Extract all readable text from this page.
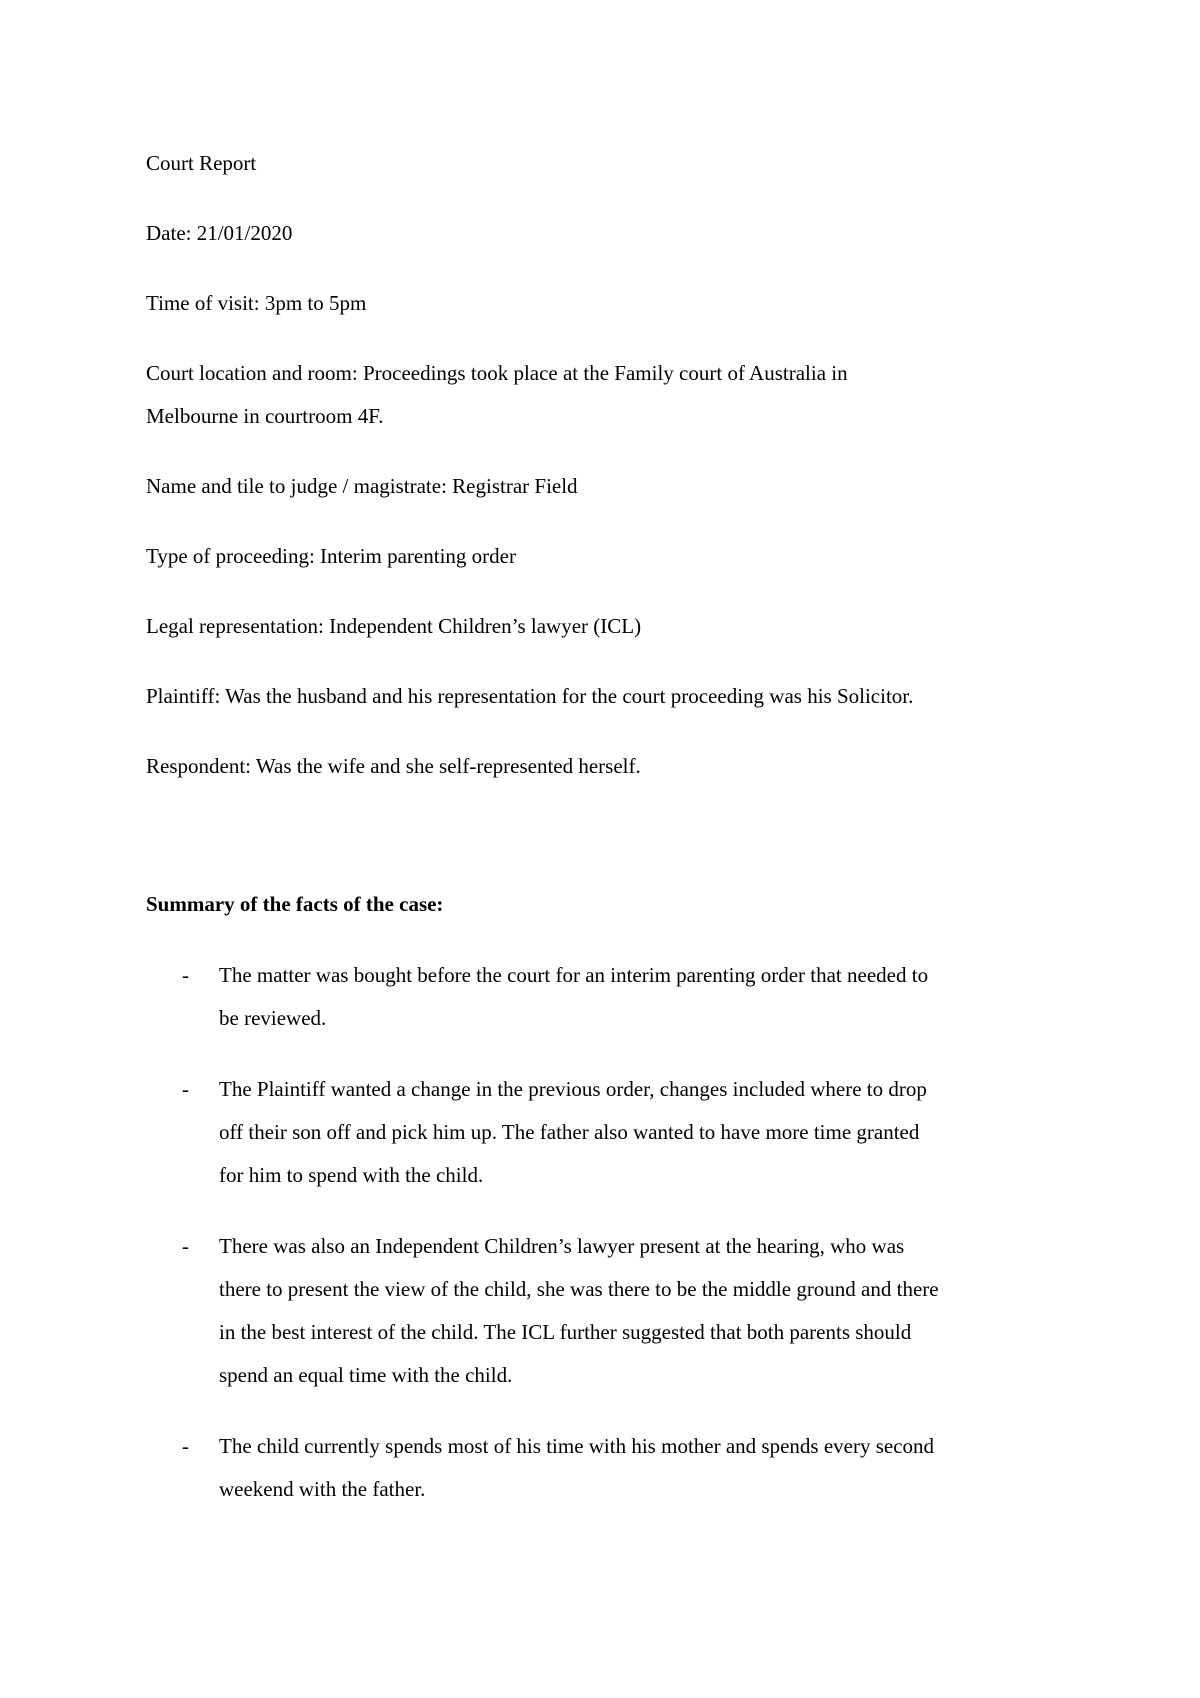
Court Report

Date: 21/01/2020

Time of visit: 3pm to 5pm

Court location and room: Proceedings took place at the Family court of Australia in
Melbourne in courtroom 4F.

Name and tile to judge / magistrate: Registrar Field

Type of proceeding: Interim parenting order

Legal representation: Independent Children’s lawyer (ICL)

Plaintiff: Was the husband and his representation for the court proceeding was his Solicitor.

Respondent: Was the wife and she self-represented herself.

Summary of the facts of the case:

- The matter was bought before the court for an interim parenting order that needed to
be reviewed.
- The Plaintiff wanted a change in the previous order, changes included where to drop
off their son off and pick him up. The father also wanted to have more time granted
for him to spend with the child.
- There was also an Independent Children’s lawyer present at the hearing, who was
there to present the view of the child, she was there to be the middle ground and there
in the best interest of the child. The ICL further suggested that both parents should
spend an equal time with the child.
- The child currently spends most of his time with his mother and spends every second
weekend with the father.
